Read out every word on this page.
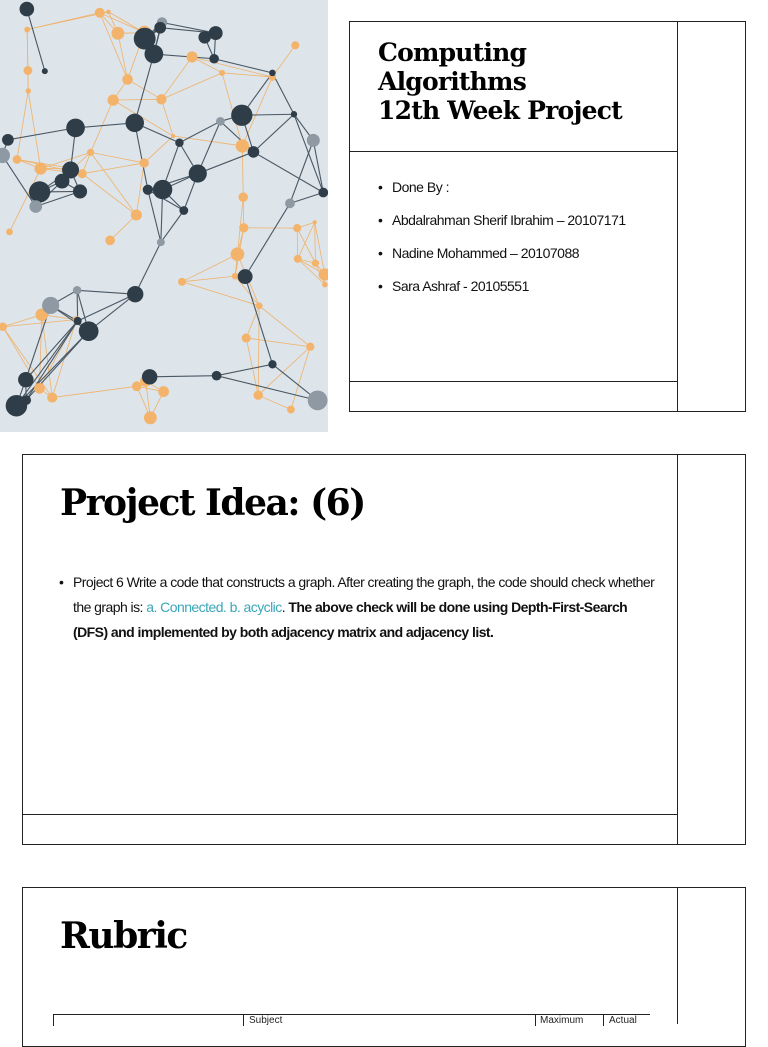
Computing
Algorithms
12th Week Project
• Done By :
• Abdalrahman Sherif Ibrahim – 20107171
• Nadine Mohammed – 20107088
• Sara Ashraf - 20105551
Project Idea: (6)
• Project 6 Write a code that constructs a graph. After creating the graph, the code should check whether the graph is: a. Connected. b. acyclic. The above check will be done using Depth-First-Search (DFS) and implemented by both adjacency matrix and adjacency list.
Rubric
Subject	Maximum	Actual
